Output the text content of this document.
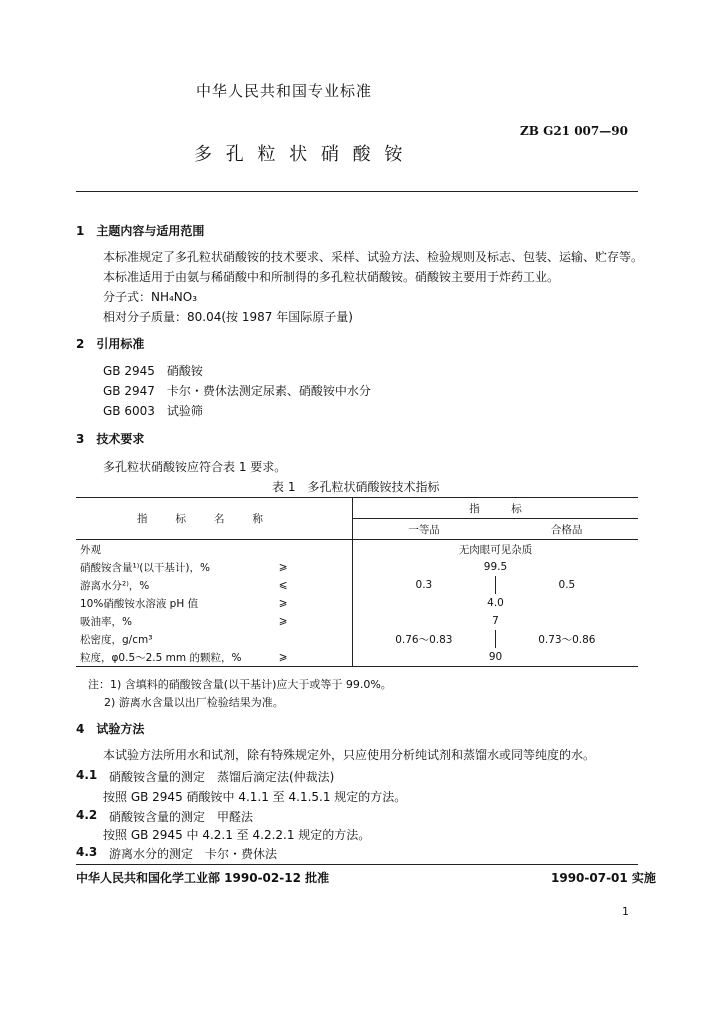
中华人民共和国专业标准
ZB G21 007—90
多 孔 粒 状 硝 酸 铵
1　主题内容与适用范围
本标准规定了多孔粒状硝酸铵的技术要求、采样、试验方法、检验规则及标志、包装、运输、贮存等。
本标准适用于由氨与稀硝酸中和所制得的多孔粒状硝酸铵。硝酸铵主要用于炸药工业。
分子式：NH₄NO₃
相对分子质量：80.04(按 1987 年国际原子量)
2　引用标准
GB 2945　硝酸铵
GB 2947　卡尔・费休法测定尿素、硝酸铵中水分
GB 6003　试验筛
3　技术要求
多孔粒状硝酸铵应符合表 1 要求。
表 1　多孔粒状硝酸铵技术指标
指标名称		指　　　标	
		一等品	合格品
外观		无肉眼可见杂质	
硝酸铵含量¹⁾(以干基计)，%	⩾	99.5	
游离水分²⁾，%	⩽	0.3	0.5
10%硝酸铵水溶液 pH 值	⩾	4.0	
吸油率，%	⩾	7	
松密度，g/cm³		0.76～0.83	0.73～0.86
粒度，φ0.5～2.5 mm 的颗粒，%	⩾	90	
注：1) 含填料的硝酸铵含量(以干基计)应大于或等于 99.0%。
2) 游离水含量以出厂检验结果为准。
4　试验方法
本试验方法所用水和试剂，除有特殊规定外，只应使用分析纯试剂和蒸馏水或同等纯度的水。
4.1 硝酸铵含量的测定　蒸馏后滴定法(仲裁法)
按照 GB 2945 硝酸铵中 4.1.1 至 4.1.5.1 规定的方法。
4.2 硝酸铵含量的测定　甲醛法
按照 GB 2945 中 4.2.1 至 4.2.2.1 规定的方法。
4.3 游离水分的测定　卡尔・费休法
中华人民共和国化学工业部 1990-02-12 批准	1990-07-01 实施
1
